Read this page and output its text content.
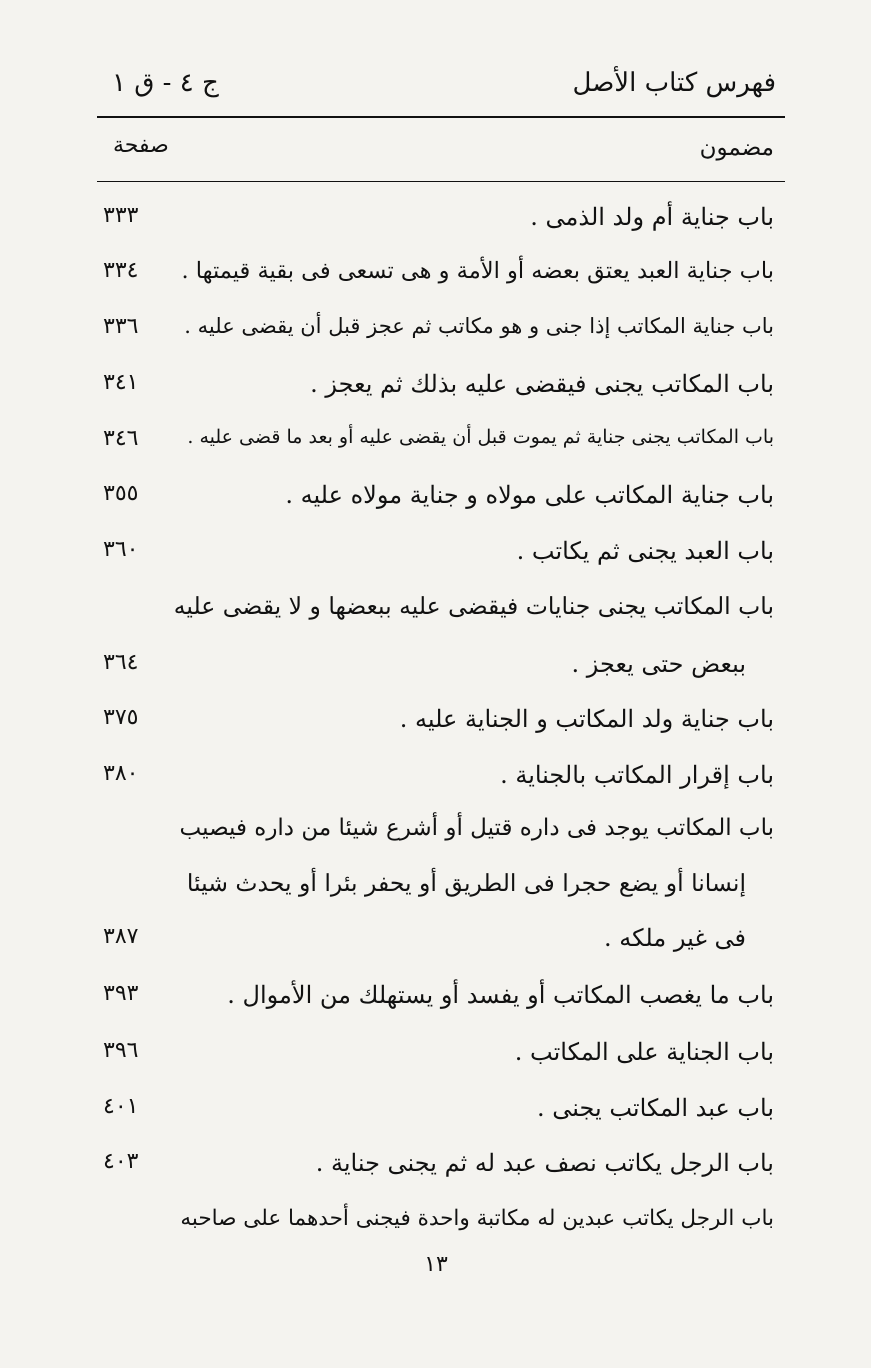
فهرس كتاب الأصل
ج ٤ - ق ١
مضمون
صفحة
باب جناية أم ولد الذمى .
٣٣٣
باب جناية العبد يعتق بعضه أو الأمة و هى تسعى فى بقية قيمتها .
٣٣٤
باب جناية المكاتب إذا جنى و هو مكاتب ثم عجز قبل أن يقضى عليه .
٣٣٦
باب المكاتب يجنى فيقضى عليه بذلك ثم يعجز .
٣٤١
باب المكاتب يجنى جناية ثم يموت قبل أن يقضى عليه أو بعد ما قضى عليه .
٣٤٦
باب جناية المكاتب على مولاه و جناية مولاه عليه .
٣٥٥
باب العبد يجنى ثم يكاتب .
٣٦٠
باب المكاتب يجنى جنايات فيقضى عليه ببعضها و لا يقضى عليه
ببعض حتى يعجز .
٣٦٤
باب جناية ولد المكاتب و الجناية عليه .
٣٧٥
باب إقرار المكاتب بالجناية .
٣٨٠
باب المكاتب يوجد فى داره قتيل أو أشرع شيئا من داره فيصيب
إنسانا أو يضع حجرا فى الطريق أو يحفر بئرا أو يحدث شيئا
فى غير ملكه .
٣٨٧
باب ما يغصب المكاتب أو يفسد أو يستهلك من الأموال .
٣٩٣
باب الجناية على المكاتب .
٣٩٦
باب عبد المكاتب يجنى .
٤٠١
باب الرجل يكاتب نصف عبد له ثم يجنى جناية .
٤٠٣
باب الرجل يكاتب عبدين له مكاتبة واحدة فيجنى أحدهما على صاحبه
١٣
